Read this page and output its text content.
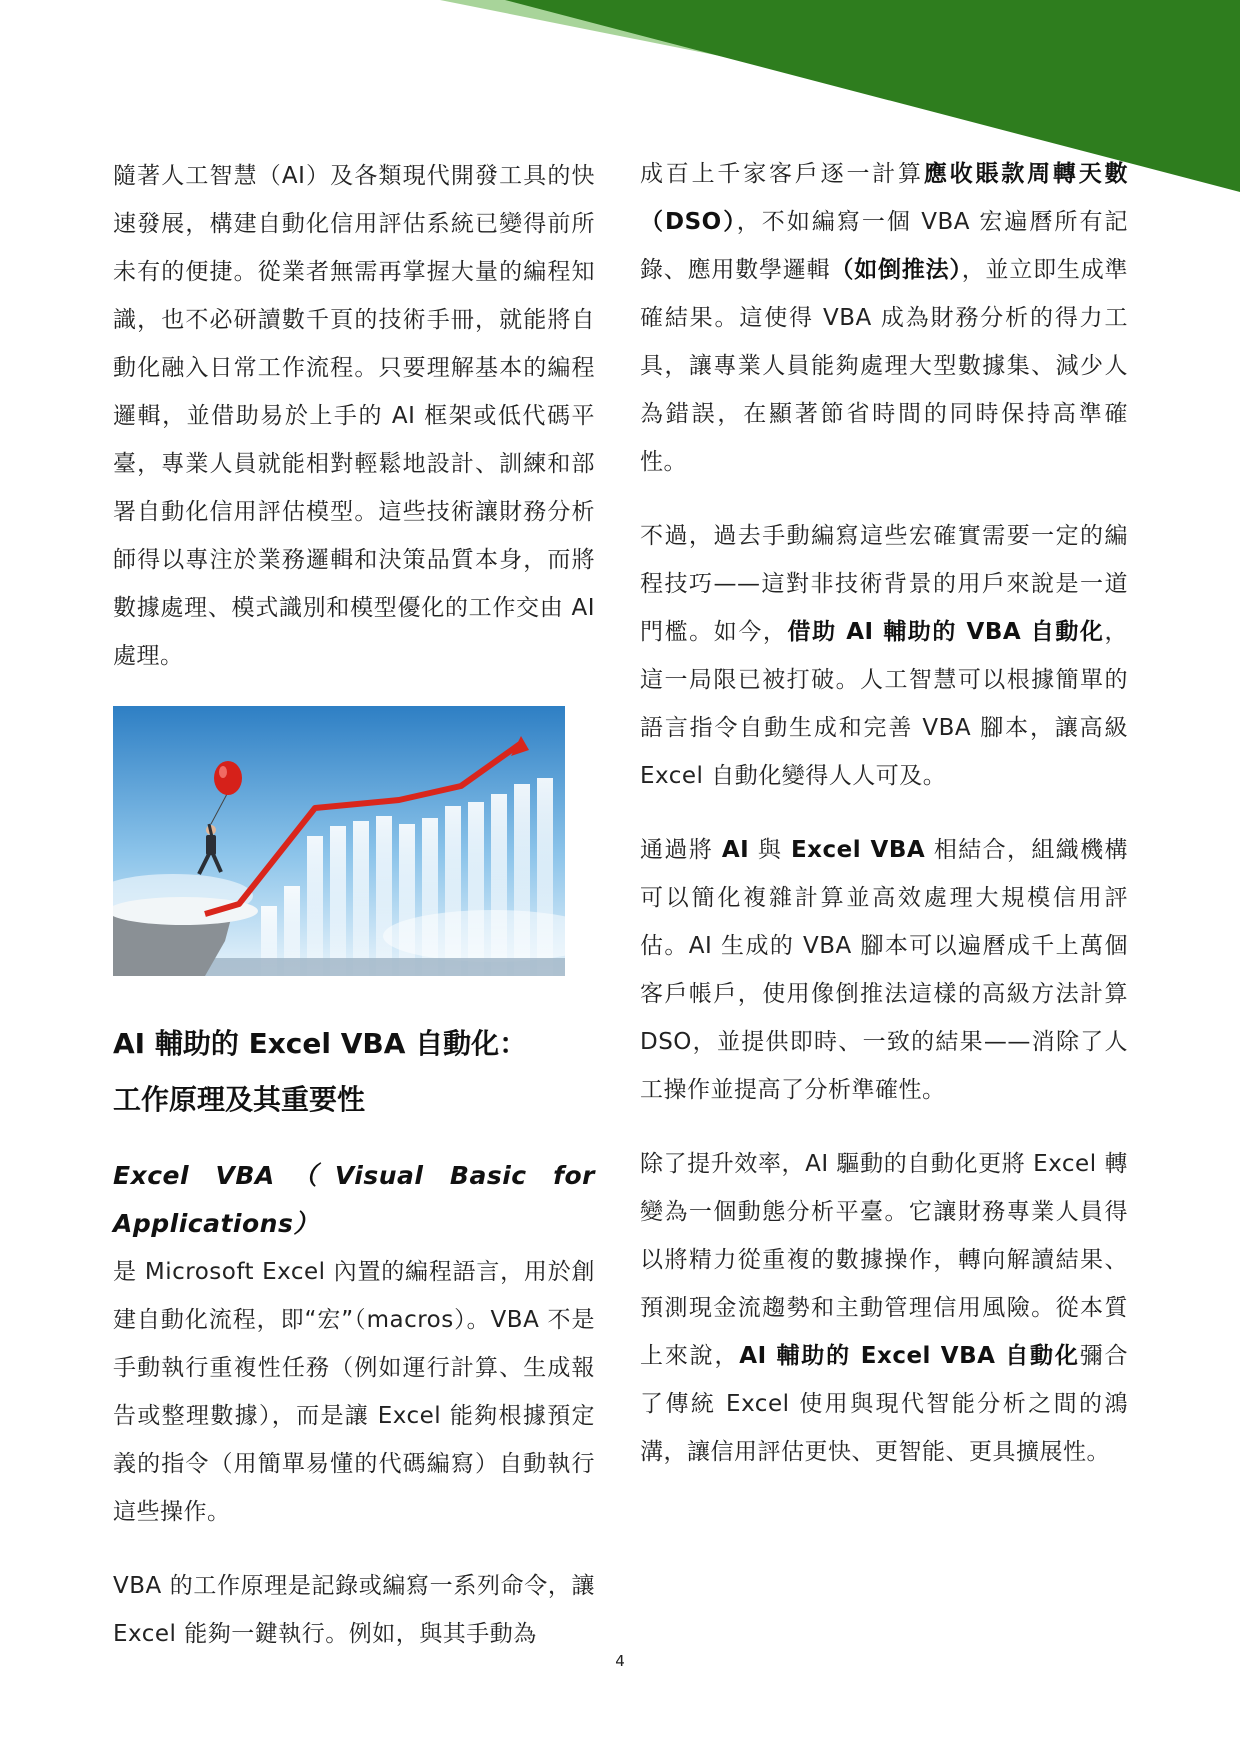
隨著人工智慧（AI）及各類現代開發工具的快速發展，構建自動化信用評估系統已變得前所未有的便捷。從業者無需再掌握大量的編程知識，也不必研讀數千頁的技術手冊，就能將自動化融入日常工作流程。只要理解基本的編程邏輯，並借助易於上手的 AI 框架或低代碼平臺，專業人員就能相對輕鬆地設計、訓練和部署自動化信用評估模型。這些技術讓財務分析師得以專注於業務邏輯和決策品質本身，而將數據處理、模式識別和模型優化的工作交由 AI 處理。

AI 輔助的 Excel VBA 自動化：
工作原理及其重要性

Excel VBA（Visual Basic for Applications）
是 Microsoft Excel 內置的編程語言，用於創建自動化流程，即“宏”（macros）。VBA 不是手動執行重複性任務（例如運行計算、生成報告或整理數據），而是讓 Excel 能夠根據預定義的指令（用簡單易懂的代碼編寫）自動執行這些操作。

VBA 的工作原理是記錄或編寫一系列命令，讓 Excel 能夠一鍵執行。例如，與其手動為

成百上千家客戶逐一計算應收賬款周轉天數（DSO），不如編寫一個 VBA 宏遍曆所有記錄、應用數學邏輯（如倒推法），並立即生成準確結果。這使得 VBA 成為財務分析的得力工具，讓專業人員能夠處理大型數據集、減少人為錯誤，在顯著節省時間的同時保持高準確性。

不過，過去手動編寫這些宏確實需要一定的編程技巧——這對非技術背景的用戶來說是一道門檻。如今，借助 AI 輔助的 VBA 自動化，這一局限已被打破。人工智慧可以根據簡單的語言指令自動生成和完善 VBA 腳本，讓高級 Excel 自動化變得人人可及。

通過將 AI 與 Excel VBA 相結合，組織機構可以簡化複雜計算並高效處理大規模信用評估。AI 生成的 VBA 腳本可以遍曆成千上萬個客戶帳戶，使用像倒推法這樣的高級方法計算 DSO，並提供即時、一致的結果——消除了人工操作並提高了分析準確性。

除了提升效率，AI 驅動的自動化更將 Excel 轉變為一個動態分析平臺。它讓財務專業人員得以將精力從重複的數據操作，轉向解讀結果、預測現金流趨勢和主動管理信用風險。從本質上來說，AI 輔助的 Excel VBA 自動化彌合了傳統 Excel 使用與現代智能分析之間的鴻溝，讓信用評估更快、更智能、更具擴展性。

4
